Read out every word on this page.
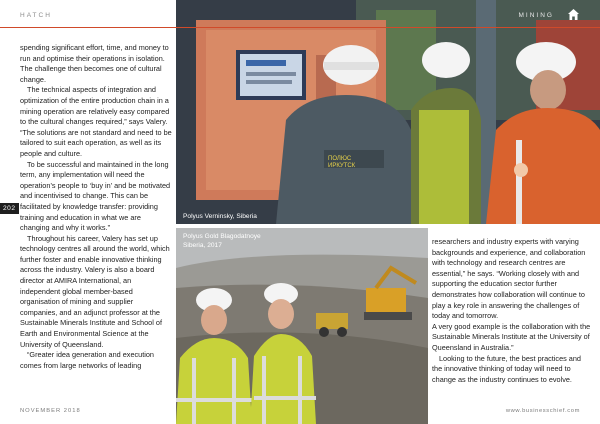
HATCH

spending significant effort, time, and money to run and optimise their operations in isolation. The challenge then becomes one of cultural change.

The technical aspects of integration and optimization of the entire production chain in a mining operation are relatively easy compared to the cultural changes required,” says Valery. “The solutions are not standard and need to be tailored to suit each operation, as well as its people and culture.

To be successful and maintained in the long term, any implementation will need the operation’s people to ‘buy in’ and be motivated and incentivised to change. This can be facilitated by knowledge transfer: providing training and education in what we are changing and why it works.”

Throughout his career, Valery has set up technology centres all around the world, which further foster and enable innovative thinking across the industry. Valery is also a board director at AMIRA International, an independent global member-based organisation of mining and supplier companies, and an adjunct professor at the Sustainable Minerals Institute and School of Earth and Environmental Science at the University of Queensland.

“Greater idea generation and execution comes from large networks of leading

202
ПОЛЮС
ИРКУТСК
MINING
Polyus Verninsky, Siberia
Polyus Gold Blagodatnoye
Siberia, 2017	researchers and industry experts with varying backgrounds and experience, and collaboration with technology and research centres are essential,” he says. “Working closely with and supporting the education sector further demonstrates how collaboration will continue to play a key role in answering the challenges of today and tomorrow.

A very good example is the collaboration with the Sustainable Minerals Institute at the University of Queensland in Australia.”

Looking to the future, the best practices and the innovative thinking of today will need to change as the industry continues to evolve.

NOVEMBER 2018	www.businesschief.com
